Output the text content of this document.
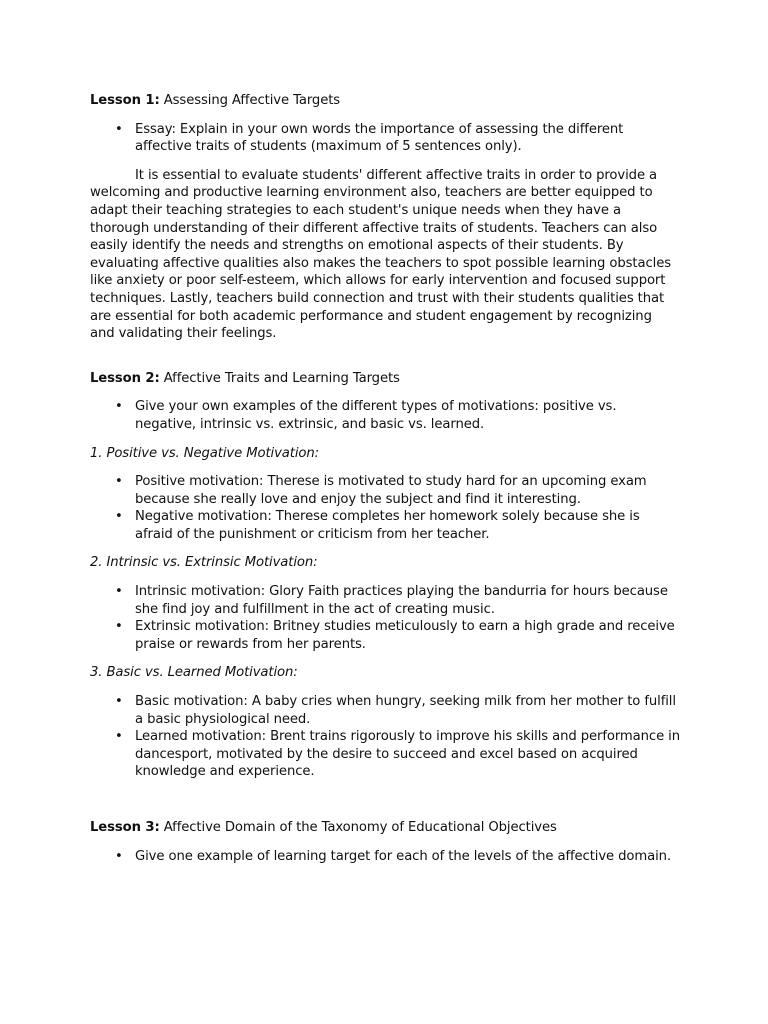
Lesson 1: Assessing Affective Targets

• Essay: Explain in your own words the importance of assessing the different affective traits of students (maximum of 5 sentences only).

It is essential to evaluate students' different affective traits in order to provide a welcoming and productive learning environment also, teachers are better equipped to adapt their teaching strategies to each student's unique needs when they have a thorough understanding of their different affective traits of students. Teachers can also easily identify the needs and strengths on emotional aspects of their students. By evaluating affective qualities also makes the teachers to spot possible learning obstacles like anxiety or poor self-esteem, which allows for early intervention and focused support techniques. Lastly, teachers build connection and trust with their students qualities that are essential for both academic performance and student engagement by recognizing and validating their feelings.

Lesson 2: Affective Traits and Learning Targets

• Give your own examples of the different types of motivations: positive vs. negative, intrinsic vs. extrinsic, and basic vs. learned.

1. Positive vs. Negative Motivation:

• Positive motivation: Therese is motivated to study hard for an upcoming exam because she really love and enjoy the subject and find it interesting.
• Negative motivation: Therese completes her homework solely because she is afraid of the punishment or criticism from her teacher.

2. Intrinsic vs. Extrinsic Motivation:

• Intrinsic motivation: Glory Faith practices playing the bandurria for hours because she find joy and fulfillment in the act of creating music.
• Extrinsic motivation: Britney studies meticulously to earn a high grade and receive praise or rewards from her parents.

3. Basic vs. Learned Motivation:

• Basic motivation: A baby cries when hungry, seeking milk from her mother to fulfill a basic physiological need.
• Learned motivation: Brent trains rigorously to improve his skills and performance in dancesport, motivated by the desire to succeed and excel based on acquired knowledge and experience.

Lesson 3: Affective Domain of the Taxonomy of Educational Objectives

• Give one example of learning target for each of the levels of the affective domain.
